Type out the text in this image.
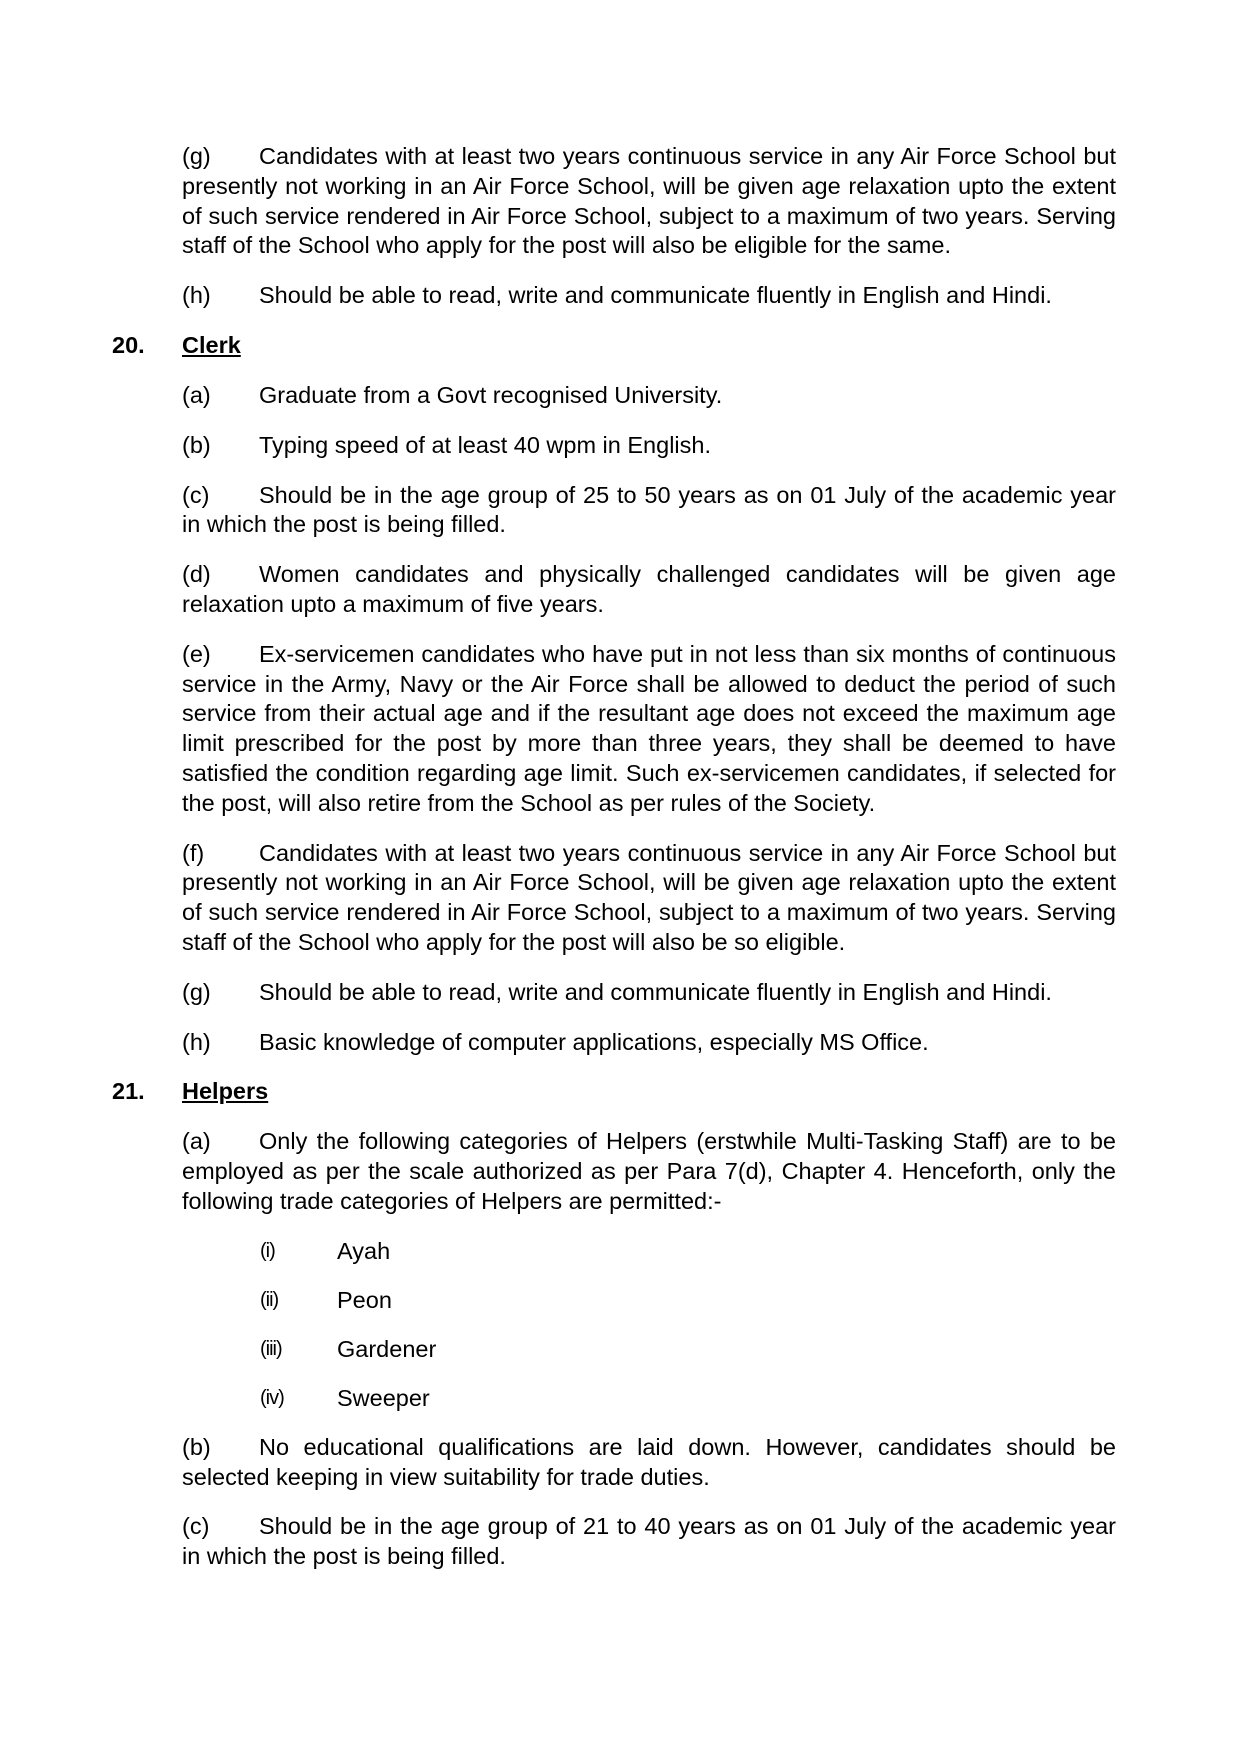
(g) Candidates with at least two years continuous service in any Air Force School but presently not working in an Air Force School, will be given age relaxation upto the extent of such service rendered in Air Force School, subject to a maximum of two years. Serving staff of the School who apply for the post will also be eligible for the same.

(h) Should be able to read, write and communicate fluently in English and Hindi.

20. Clerk

(a) Graduate from a Govt recognised University.

(b) Typing speed of at least 40 wpm in English.

(c) Should be in the age group of 25 to 50 years as on 01 July of the academic year in which the post is being filled.

(d) Women candidates and physically challenged candidates will be given age relaxation upto a maximum of five years.

(e) Ex-servicemen candidates who have put in not less than six months of continuous service in the Army, Navy or the Air Force shall be allowed to deduct the period of such service from their actual age and if the resultant age does not exceed the maximum age limit prescribed for the post by more than three years, they shall be deemed to have satisfied the condition regarding age limit. Such ex-servicemen candidates, if selected for the post, will also retire from the School as per rules of the Society.

(f) Candidates with at least two years continuous service in any Air Force School but presently not working in an Air Force School, will be given age relaxation upto the extent of such service rendered in Air Force School, subject to a maximum of two years. Serving staff of the School who apply for the post will also be so eligible.

(g) Should be able to read, write and communicate fluently in English and Hindi.

(h) Basic knowledge of computer applications, especially MS Office.

21. Helpers

(a) Only the following categories of Helpers (erstwhile Multi-Tasking Staff) are to be employed as per the scale authorized as per Para 7(d), Chapter 4. Henceforth, only the following trade categories of Helpers are permitted:-

(i)	Ayah
(ii)	Peon
(iii) Gardener
(iv) Sweeper

(b) No educational qualifications are laid down. However, candidates should be selected keeping in view suitability for trade duties.

(c) Should be in the age group of 21 to 40 years as on 01 July of the academic year in which the post is being filled.
